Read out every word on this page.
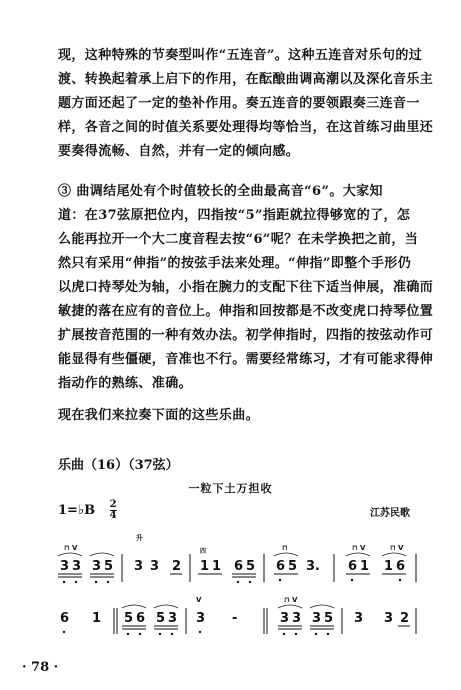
现，这种特殊的节奏型叫作“五连音”。这种五连音对乐句的过
渡、转换起着承上启下的作用，在酝酿曲调高潮以及深化音乐主
题方面还起了一定的垫补作用。奏五连音的要领跟奏三连音一
样，各音之间的时值关系要处理得均等恰当，在这首练习曲里还
要奏得流畅、自然，并有一定的倾向感。
③ 曲调结尾处有个时值较长的全曲最高音“6”。大家知
道：在37弦原把位内，四指按“5”指距就拉得够宽的了，怎
么能再拉开一个大二度音程去按“6”呢？在未学换把之前，当
然只有采用“伸指”的按弦手法来处理。“伸指”即整个手形仍
以虎口持琴处为轴，小指在腕力的支配下往下适当伸展，准确而
敏捷的落在应有的音位上。伸指和回按都是不改变虎口持琴位置
扩展按音范围的一种有效办法。初学伸指时，四指的按弦动作可
能显得有些僵硬，音准也不行。需要经常练习，才有可能求得伸
指动作的熟练、准确。
现在我们来拉奏下面的这些乐曲。
乐曲（16）（37弦）
一粒下土万担收
1=♭B $\frac{2}{4}$	江苏民歌
3 3 3 5
⊓ V
升
3 2
3
四
1 1 6 5 6 5 3.
⊓
6 1 1 6
⊓ V	⊓ V
6 1 5 6 5 3 3
V
-	3 3 3 5
⊓ V
3 3 2
· 78 ·
